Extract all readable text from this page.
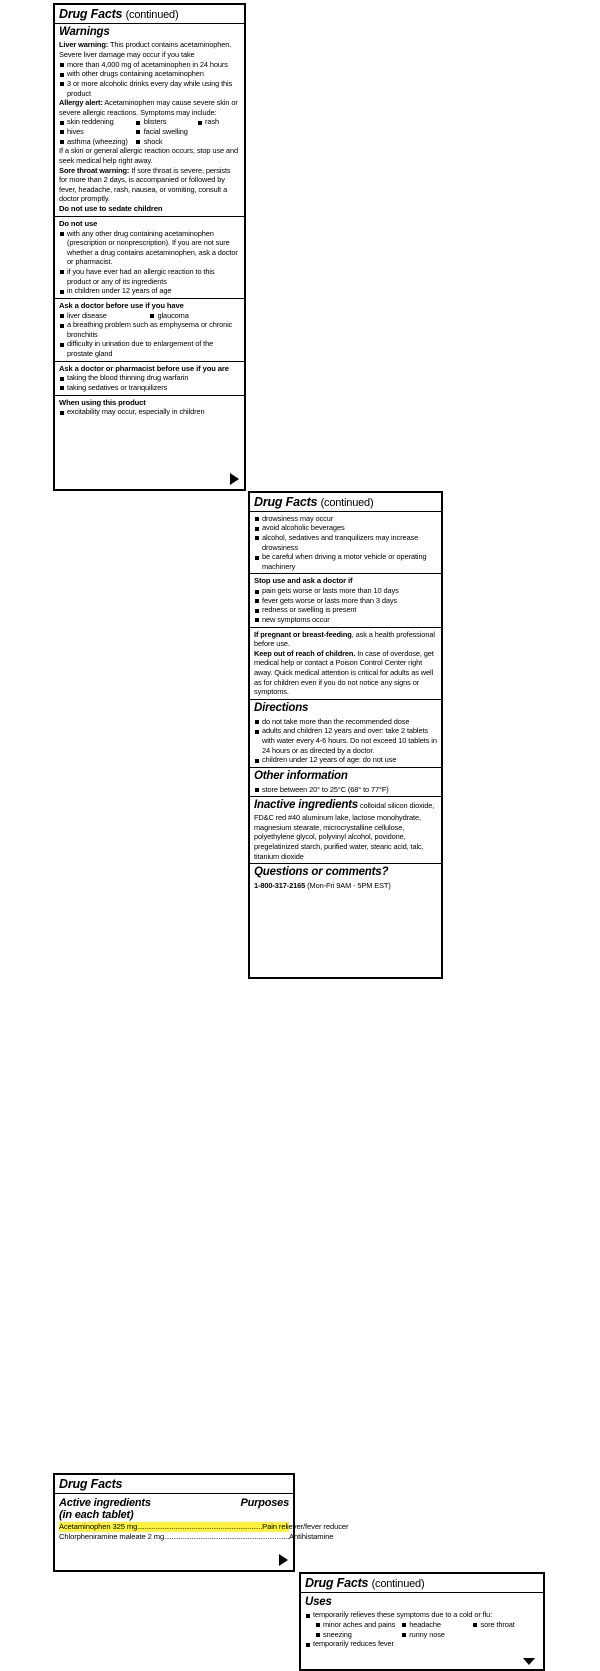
Drug Facts (continued)
Warnings
Liver warning: This product contains acetaminophen. Severe liver damage may occur if you take
more than 4,000 mg of acetaminophen in 24 hours
with other drugs containing acetaminophen
3 or more alcoholic drinks every day while using this product
Allergy alert: Acetaminophen may cause severe skin or severe allergic reactions. Symptoms may include:
skin reddening	blisters	rash
hives	facial swelling
asthma (wheezing)	shock
If a skin or general allergic reaction occurs, stop use and seek medical help right away.
Sore throat warning: If sore throat is severe, persists for more than 2 days, is accompanied or followed by fever, headache, rash, nausea, or vomiting, consult a doctor promptly.
Do not use to sedate children
Do not use
with any other drug containing acetaminophen (prescription or nonprescription). If you are not sure whether a drug contains acetaminophen, ask a doctor or pharmacist.
if you have ever had an allergic reaction to this product or any of its ingredients
in children under 12 years of age
Ask a doctor before use if you have
liver disease	glaucoma
a breathing problem such as emphysema or chronic bronchitis
difficulty in urination due to enlargement of the prostate gland
Ask a doctor or pharmacist before use if you are
taking the blood thinning drug warfarin
taking sedatives or tranquilizers
When using this product
excitability may occur, especially in children
Drug Facts (continued)
drowsiness may occur
avoid alcoholic beverages
alcohol, sedatives and tranquilizers may increase drowsiness
be careful when driving a motor vehicle or operating machinery
Stop use and ask a doctor if
pain gets worse or lasts more than 10 days
fever gets worse or lasts more than 3 days
redness or swelling is present
new symptoms occur
If pregnant or breast-feeding, ask a health professional before use.
Keep out of reach of children. In case of overdose, get medical help or contact a Poison Control Center right away. Quick medical attention is critical for adults as well as for children even if you do not notice any signs or symptoms.
Directions
do not take more than the recommended dose
adults and children 12 years and over: take 2 tablets with water every 4-6 hours. Do not exceed 10 tablets in 24 hours or as directed by a doctor.
children under 12 years of age: do not use
Other information
store between 20° to 25°C (68° to 77°F)
Inactive ingredients colloidal silicon dioxide, FD&C red #40 aluminum lake, lactose monohydrate, magnesium stearate, microcrystalline cellulose, polyethylene glycol, polyvinyl alcohol, povidone, pregelatinized starch, purified water, stearic acid, talc, titanium dioxide
Questions or comments?
1-800-317-2165 (Mon-Fri 9AM - 5PM EST)
Drug Facts
Active ingredients
(in each tablet)
Purposes
Acetaminophen 325 mg ..................................................................... Pain reliever/fever reducer
Chlorpheniramine maleate 2 mg ..................................................................... Antihistamine
Drug Facts (continued)
Uses
temporarily relieves these symptoms due to a cold or flu:
minor aches and pains	headache	sore throat
sneezing	runny nose
temporarily reduces fever
